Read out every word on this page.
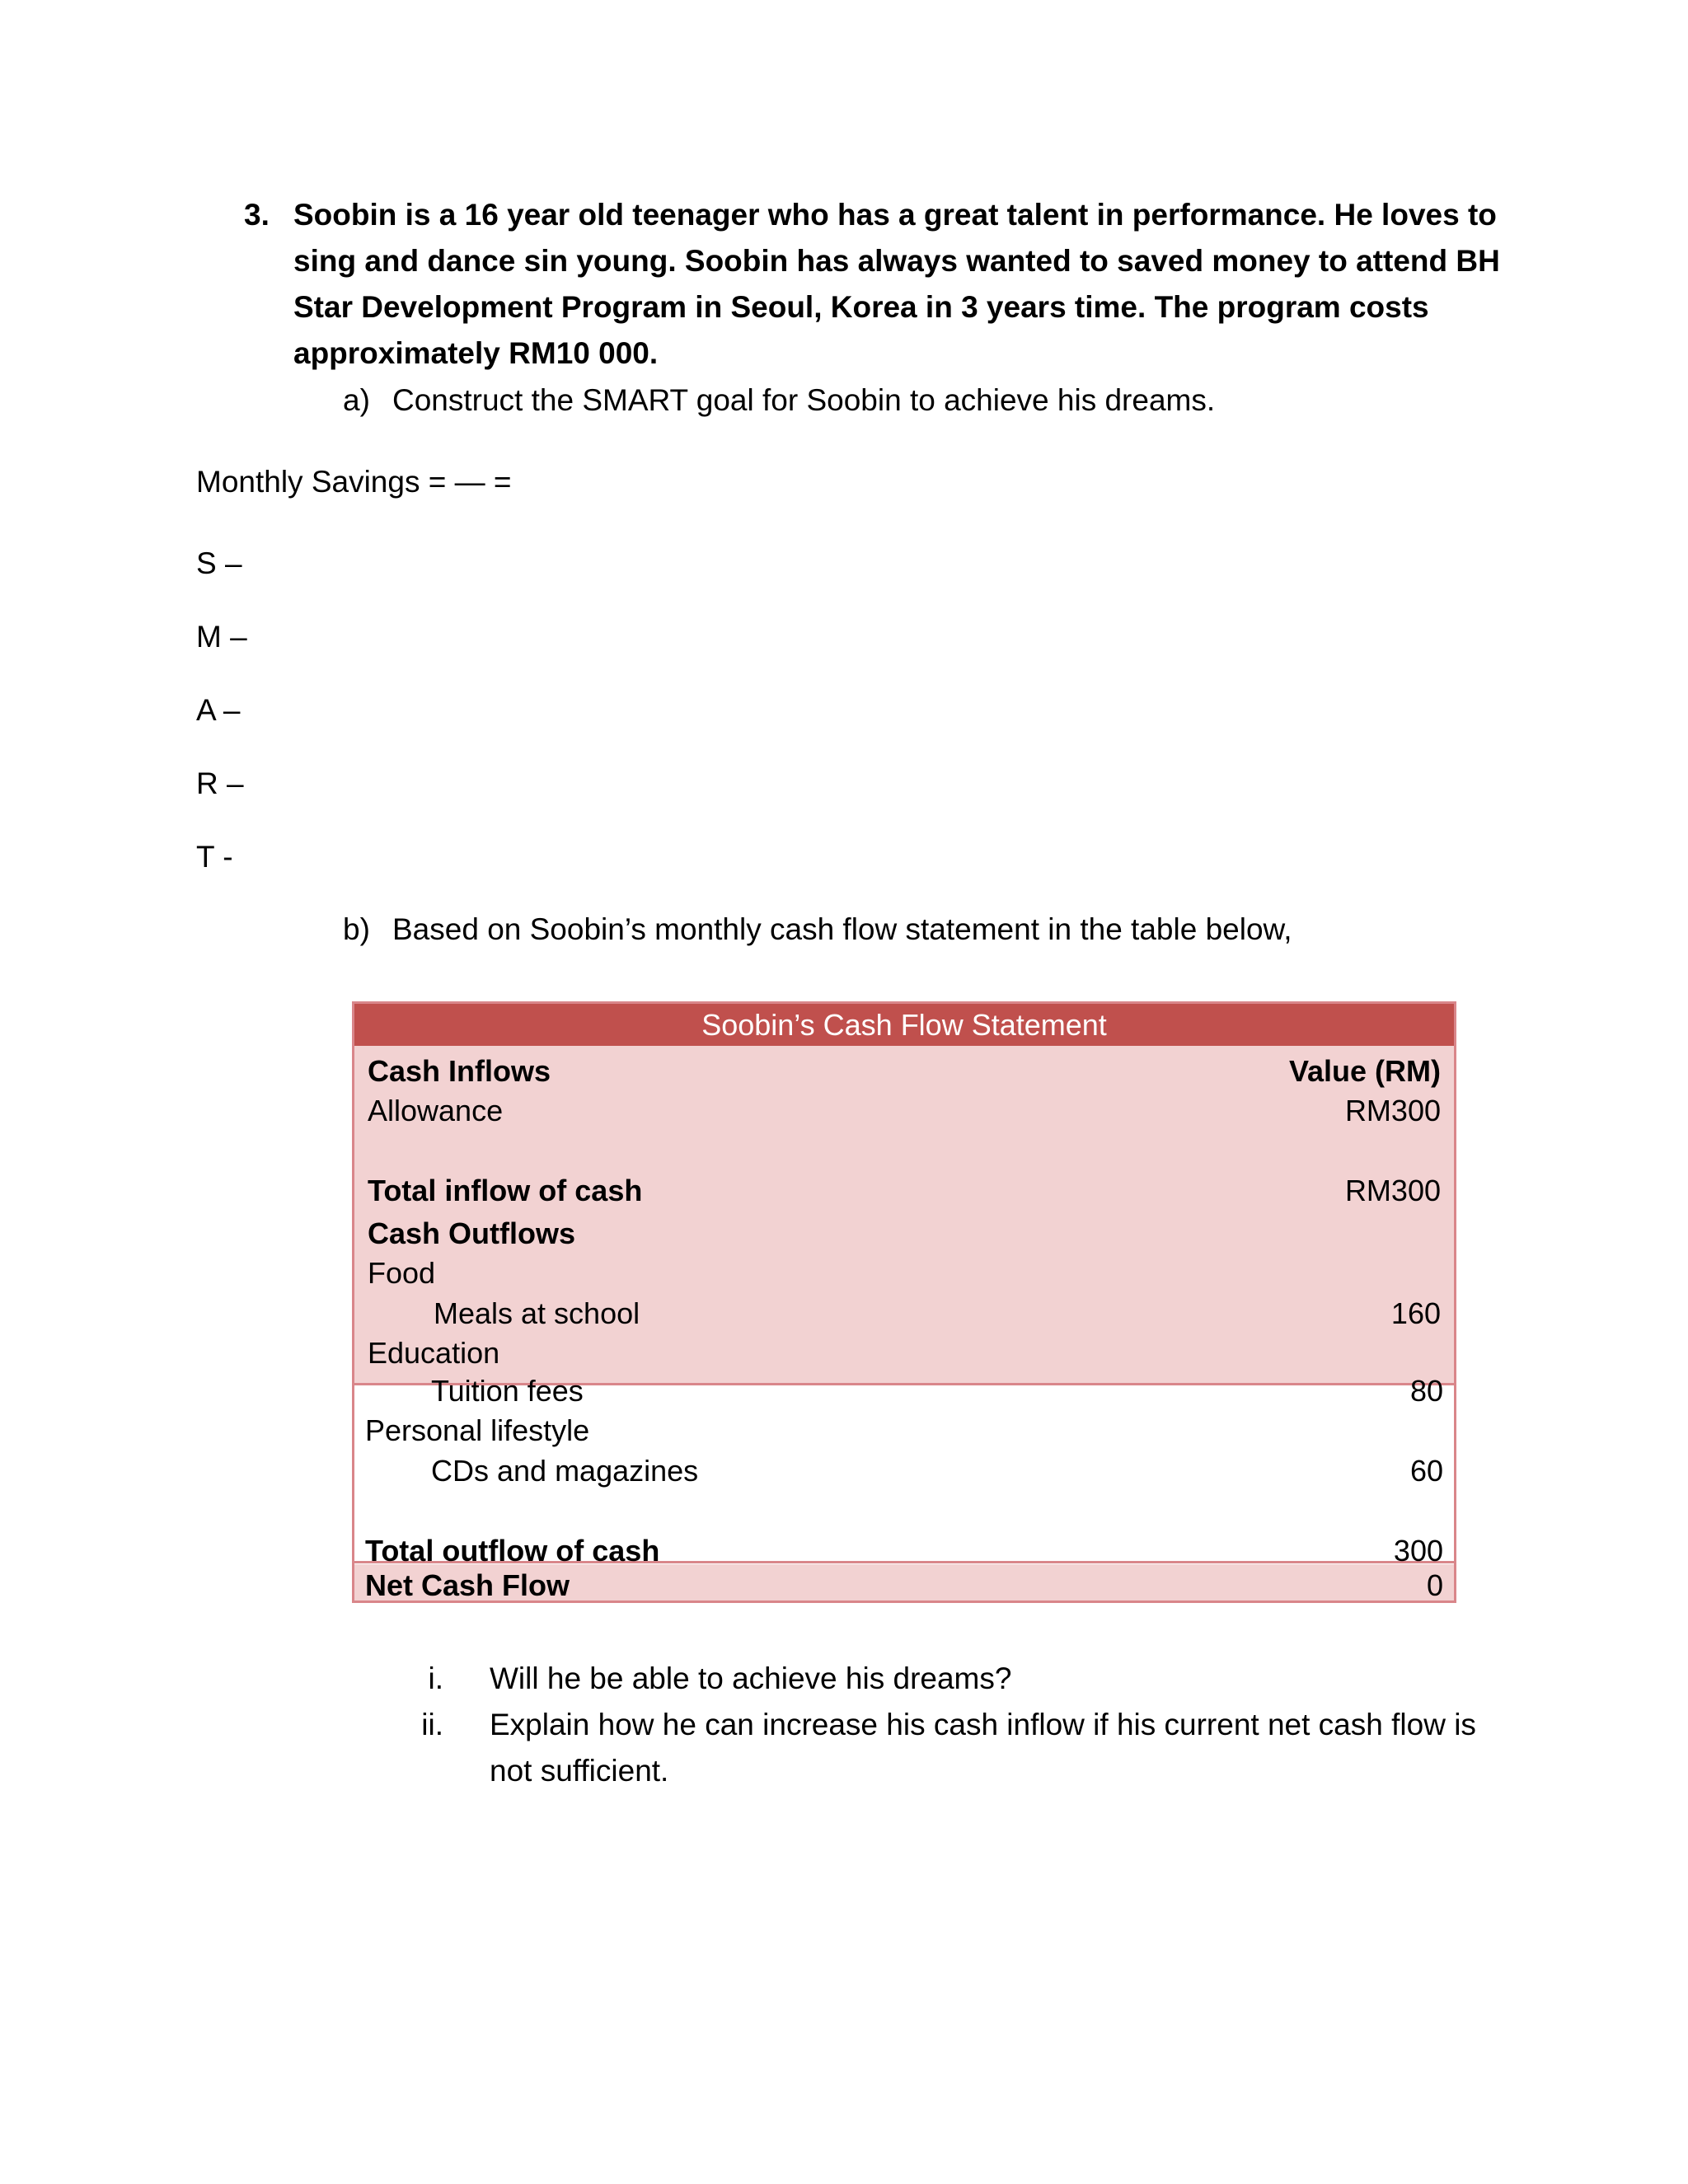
3. Soobin is a 16 year old teenager who has a great talent in performance. He loves to
sing and dance sin young. Soobin has always wanted to saved money to attend BH
Star Development Program in Seoul, Korea in 3 years time. The program costs
approximately RM10 000.
a) Construct the SMART goal for Soobin to achieve his dreams.
Monthly Savings = — =
S –
M –
A –
R –
T -
b) Based on Soobin’s monthly cash flow statement in the table below,
Soobin’s Cash Flow Statement
Cash Inflows	Value (RM)
Allowance	RM300
Total inflow of cash	RM300
Cash Outflows
Food
Meals at school	160
Education
Tuition fees	80
Personal lifestyle
CDs and magazines	60
Total outflow of cash	300
Net Cash Flow	0
i. Will he be able to achieve his dreams?
ii. Explain how he can increase his cash inflow if his current net cash flow is
not sufficient.
